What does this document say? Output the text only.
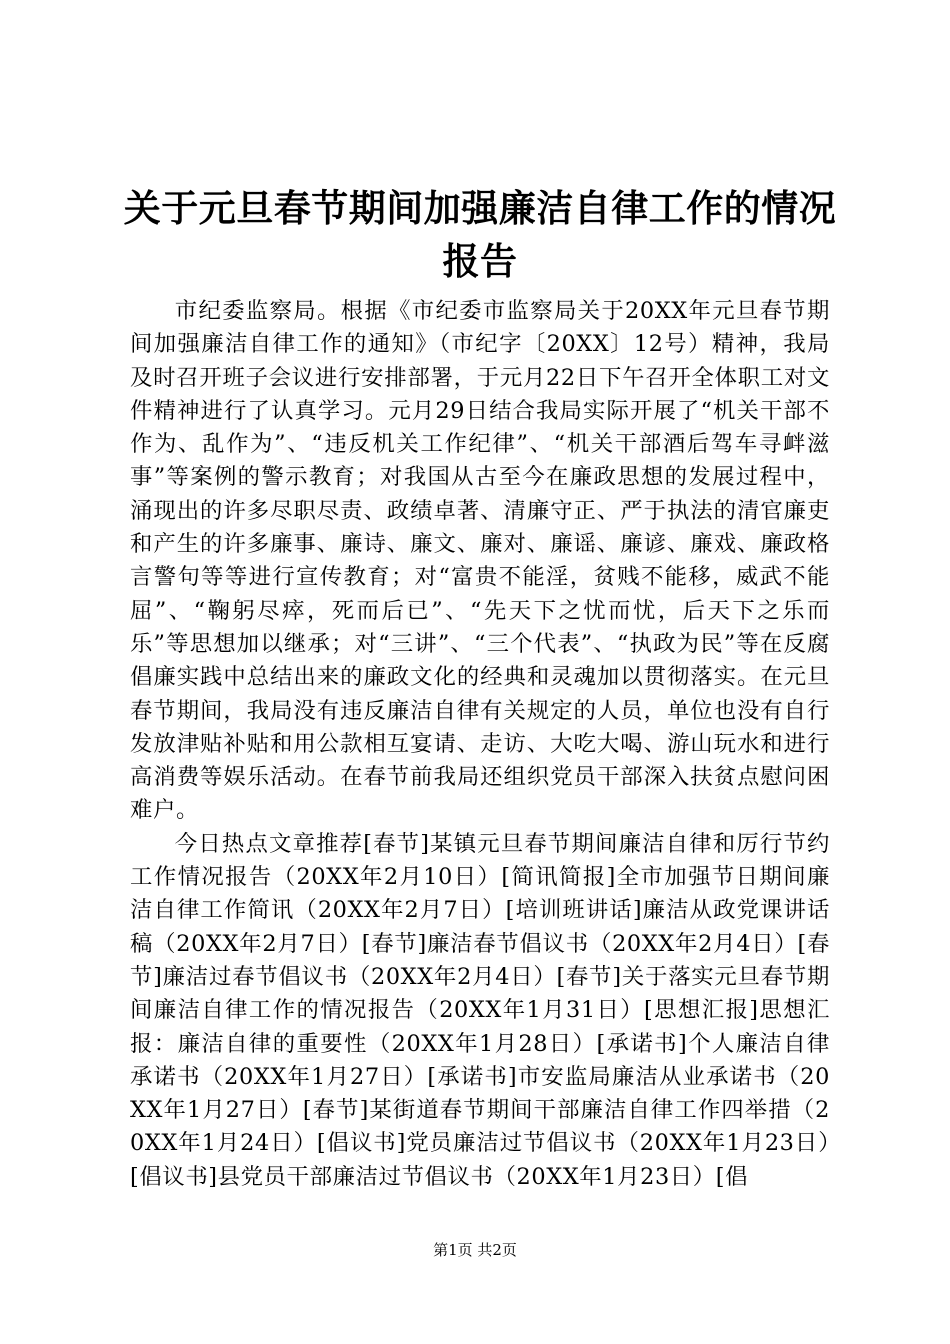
关于元旦春节期间加强廉洁自律工作的情况报告

市纪委监察局。根据《市纪委市监察局关于20XX年元旦春节期间加强廉洁自律工作的通知》（市纪字〔20XX〕12号）精神，我局及时召开班子会议进行安排部署，于元月22日下午召开全体职工对文件精神进行了认真学习。元月29日结合我局实际开展了“机关干部不作为、乱作为”、“违反机关工作纪律”、“机关干部酒后驾车寻衅滋事”等案例的警示教育；对我国从古至今在廉政思想的发展过程中，涌现出的许多尽职尽责、政绩卓著、清廉守正、严于执法的清官廉吏和产生的许多廉事、廉诗、廉文、廉对、廉谣、廉谚、廉戏、廉政格言警句等等进行宣传教育；对“富贵不能淫，贫贱不能移，威武不能屈”、“鞠躬尽瘁，死而后已”、“先天下之忧而忧，后天下之乐而乐”等思想加以继承；对“三讲”、“三个代表”、“执政为民”等在反腐倡廉实践中总结出来的廉政文化的经典和灵魂加以贯彻落实。在元旦春节期间，我局没有违反廉洁自律有关规定的人员，单位也没有自行发放津贴补贴和用公款相互宴请、走访、大吃大喝、游山玩水和进行高消费等娱乐活动。在春节前我局还组织党员干部深入扶贫点慰问困难户。

今日热点文章推荐[春节]某镇元旦春节期间廉洁自律和厉行节约工作情况报告（20XX年2月10日）[简讯简报]全市加强节日期间廉洁自律工作简讯（20XX年2月7日）[培训班讲话]廉洁从政党课讲话稿（20XX年2月7日）[春节]廉洁春节倡议书（20XX年2月4日）[春节]廉洁过春节倡议书（20XX年2月4日）[春节]关于落实元旦春节期间廉洁自律工作的情况报告（20XX年1月31日）[思想汇报]思想汇报：廉洁自律的重要性（20XX年1月28日）[承诺书]个人廉洁自律承诺书（20XX年1月27日）[承诺书]市安监局廉洁从业承诺书（20XX年1月27日）[春节]某街道春节期间干部廉洁自律工作四举措（20XX年1月24日）[倡议书]党员廉洁过节倡议书（20XX年1月23日）[倡议书]县党员干部廉洁过节倡议书（20XX年1月23日）[倡

第1页 共2页
